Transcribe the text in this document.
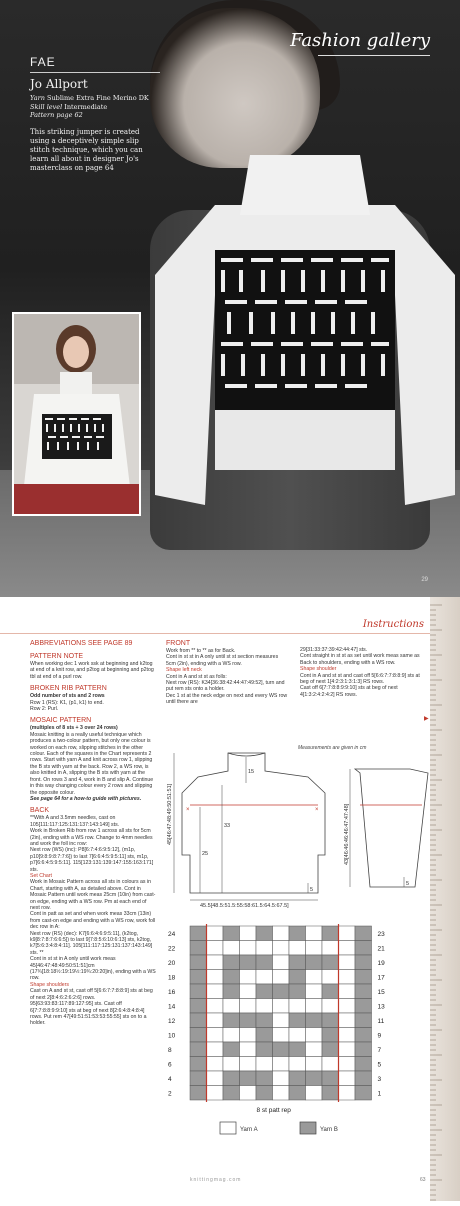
Fashion gallery
FAE
Jo Allport
Yarn Sublime Extra Fine Merino DK
Skill level Intermediate
Pattern page 62
This striking jumper is created using a deceptively simple slip stitch technique, which you can learn all about in designer Jo's masterclass on page 64
29
Instructions
ABBREVIATIONS SEE PAGE 89
PATTERN NOTE

When working dec 1 work ssk at beginning and k2tog at end of a knit row, and p2tog at beginning and p2tog tbl at end of a purl row.

BROKEN RIB PATTERN

Odd number of sts and 2 rows

Row 1 (RS): K1, (p1, k1) to end.

Row 2: Purl.

MOSAIC PATTERN

(multiples of 8 sts + 3 over 24 rows)

Mosaic knitting is a really useful technique which produces a two-colour pattern, but only one colour is worked on each row, slipping stitches in the other colour. Each of the squares in the Chart represents 2 rows. Start with yarn A and knit across row 1, slipping the B sts with yarn at the back. Row 2, a WS row, is also knitted in A, slipping the B sts with yarn at the front. On rows 3 and 4, work in B and slip A. Continue in this way changing colour every 2 rows and slipping the opposite colour.

See page 64 for a how-to guide with pictures.

BACK

**With A and 3.5mm needles, cast on 105[111:117:125:131:137:143:149] sts.

Work in Broken Rib from row 1 across all sts for 5cm (2in), ending with a WS row. Change to 4mm needles and work the foll inc row:

Next row (WS) (inc): P8[6:7:4:6:9:5:12], (m1p, p10[9:8:9:8:7:7:6]) to last 7[6:6:4:5:9:5:11] sts, m1p, p7[6:6:4:5:9:5:11]. 115[123:131:139:147:155:163:171] sts.

Set Chart

Work in Mosaic Pattern across all sts in colours as in Chart, starting with A, as detailed above. Cont in Mosaic Pattern until work meas 25cm (10in) from cast-on edge, ending with a WS row. Pm at each end of next row.

Cont in patt as set and when work meas 33cm (13in) from cast-on edge and ending with a WS row, work foll dec row in A:

Next row (RS) (dec): K7[6:6:4:6:9:5:11], (k2tog, k9[8:7:8:7:6:6:5]) to last 9[7:8:5:6:10:6:13] sts, k2tog, k7[5:6:3:4:8:4:11]. 105[111:117:125:131:137:143:149] sts. **

Cont in st st in A only until work meas 45[46:47:48:49:50:51:51]cm (17¾[18:18½:19:19½:19¾:20:20]in), ending with a WS row.

Shape shoulders

Cast on A and st st, cast off 5[6:6:7:7:8:8:9] sts at beg of next 2[8:4:6:2:6:2:6] rows. 95[63:93:83:117:89:127:95] sts. Cast off 6[7:7:8:8:9:9:10] sts at beg of next 8[2:6:4:8:4:8:4] rows. Put rem 47[49:51:51:53:53:55:55] sts on to a holder.

FRONT

Work from ** to ** as for Back.

Cont in st st in A only until st st section measures 5cm (2in), ending with a WS row.

Shape left neck

Cont in A and st st as folls:

Next row (RS): K34[36:38:42:44:47:49:52], turn and put rem sts onto a holder.

Dec 1 st at the neck edge on next and every WS row until there are

29[31:33:37:39:42:44:47] sts.

Cont straight in st st as set until work meas same as Back to shoulders, ending with a WS row.

Shape shoulder

Cont in A and st st and cast off 5[6:6:7:7:8:8:9] sts at beg of next 1[4:2:3:1:3:1:3] RS rows.

Cast off 6[7:7:8:8:9:9:10] sts at beg of next 4[1:3:2:4:2:4:2] RS rows.

▶
Measurements are given in cm
45[46:47:48:49:50:51:51]
45.5[48.5:51.5:55:58:61.5:64.5:67.5]
15
33
25
5
43[46:46:46:46:47:47:48]
5
×	×
24	23
22	21
20	19
18	17
16	15
14	13
12	11
10	9
8	7
6	5
4	3
2	1
8 st patt rep
Yarn A	Yarn B
knittingmag.com	63
